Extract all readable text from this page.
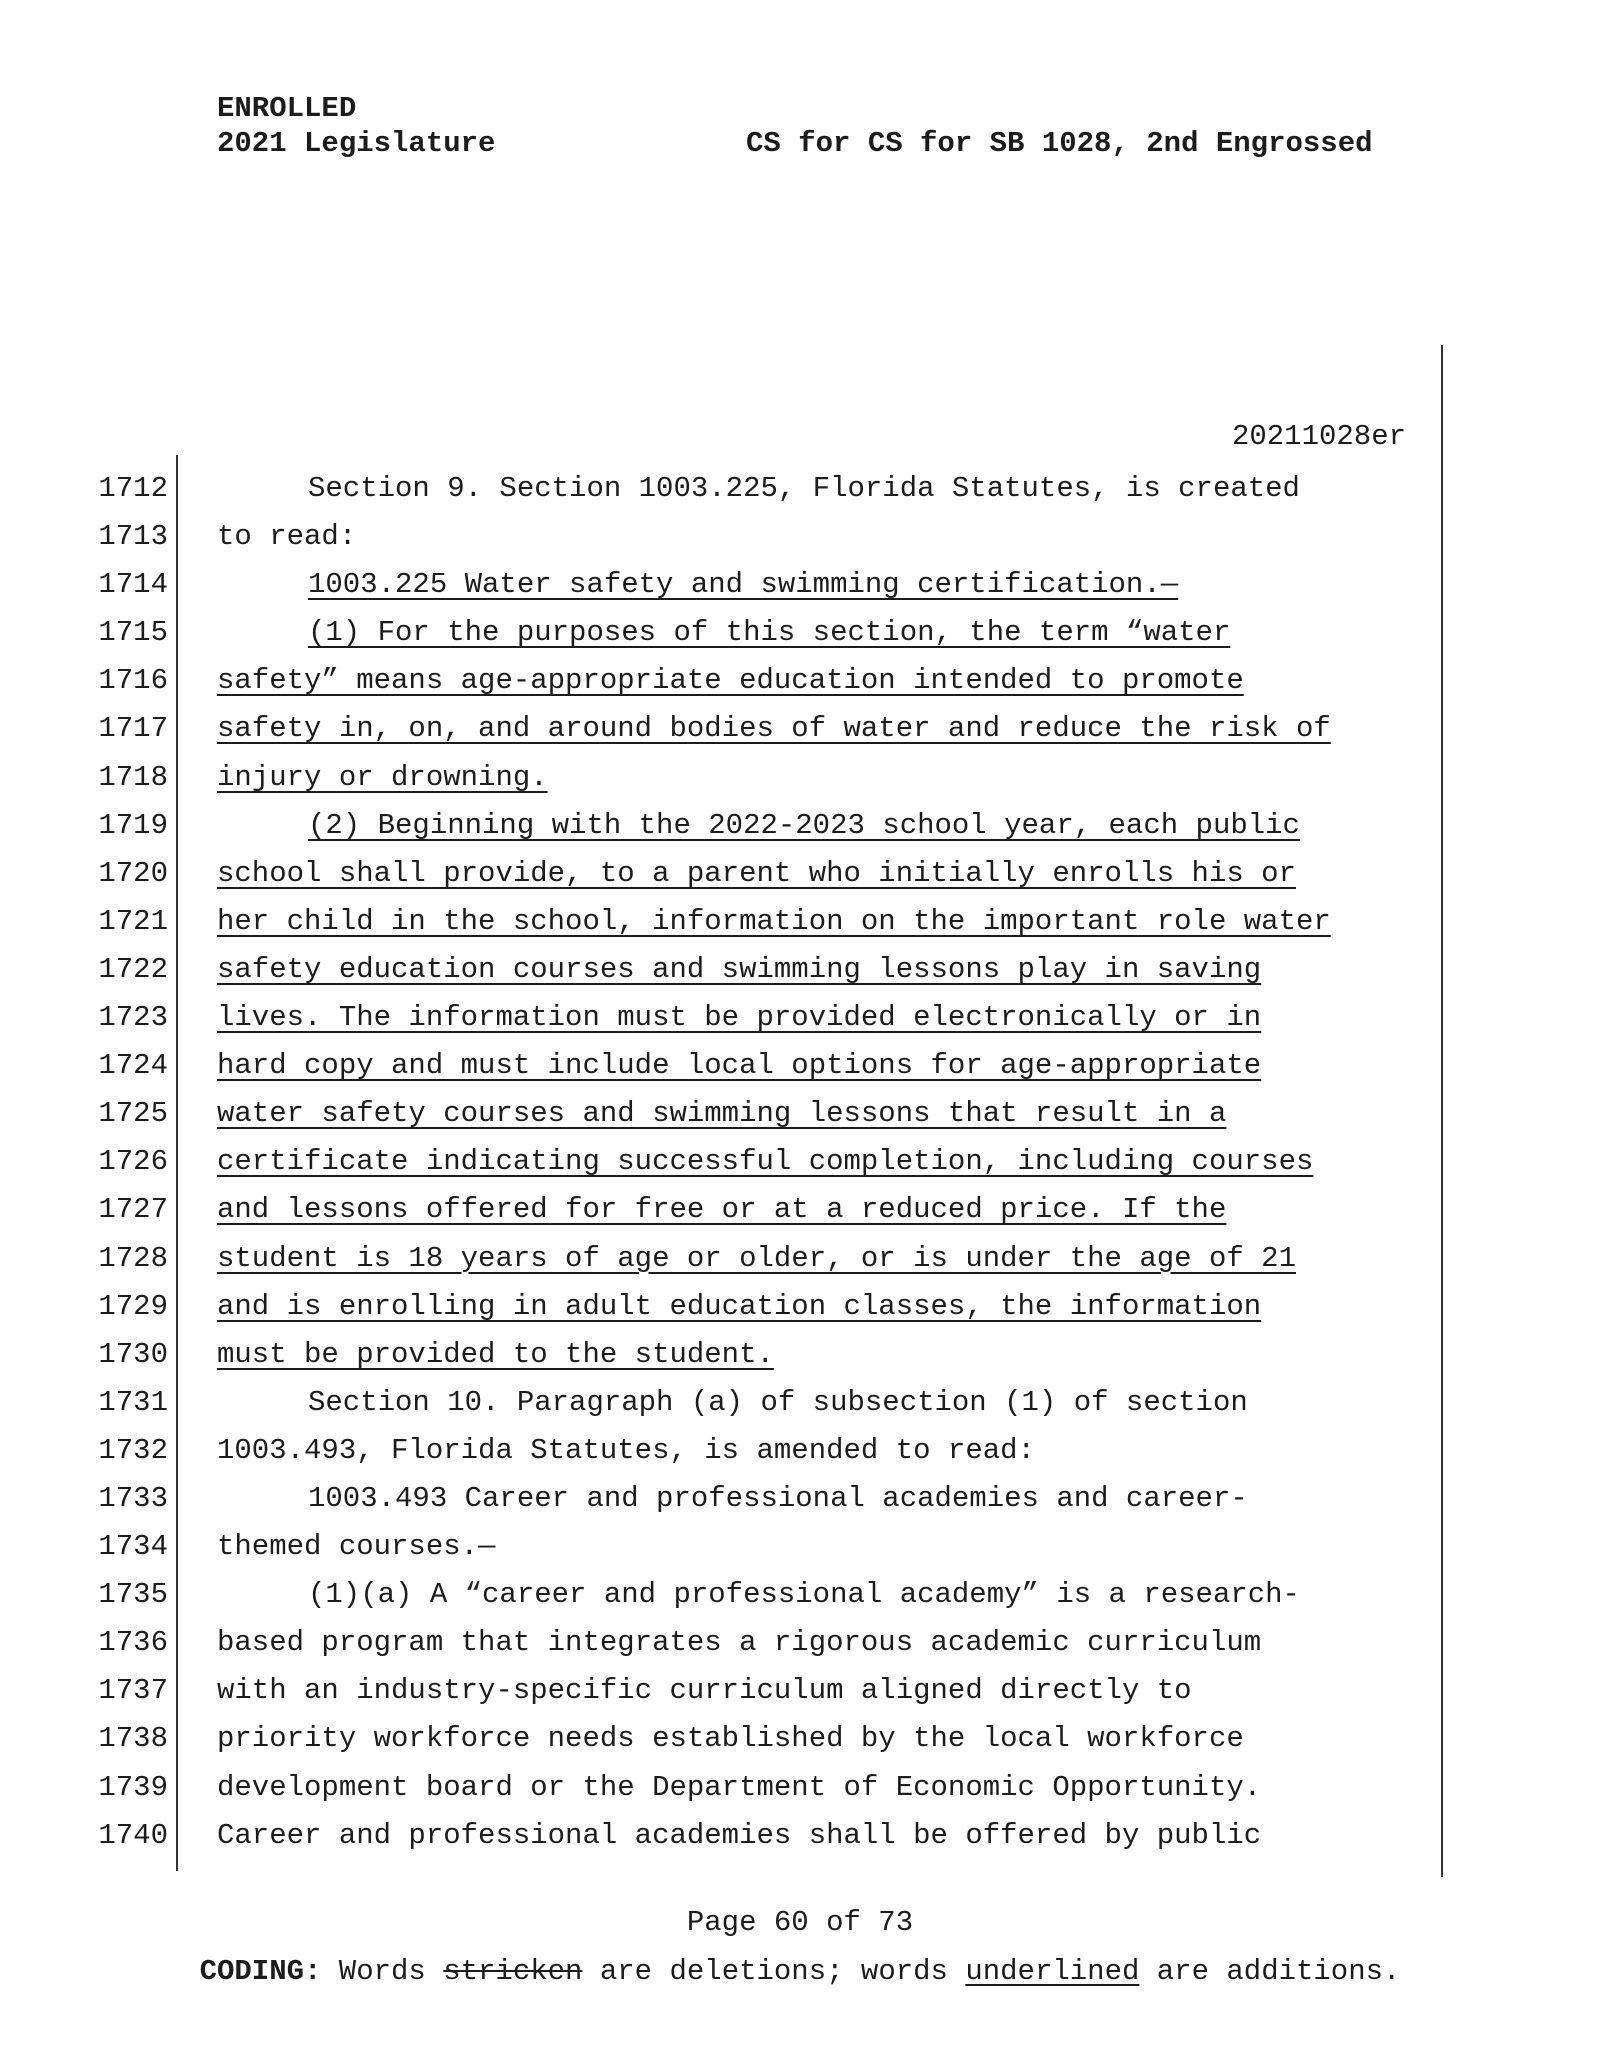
ENROLLED
2021 Legislature	CS for CS for SB 1028, 2nd Engrossed
20211028er
1712	Section 9. Section 1003.225, Florida Statutes, is created
1713 to read:
1714	1003.225 Water safety and swimming certification.—
1715	(1) For the purposes of this section, the term “water
1716 safety” means age-appropriate education intended to promote
1717 safety in, on, and around bodies of water and reduce the risk of
1718 injury or drowning.
1719	(2) Beginning with the 2022-2023 school year, each public
1720 school shall provide, to a parent who initially enrolls his or
1721 her child in the school, information on the important role water
1722 safety education courses and swimming lessons play in saving
1723 lives. The information must be provided electronically or in
1724 hard copy and must include local options for age-appropriate
1725 water safety courses and swimming lessons that result in a
1726 certificate indicating successful completion, including courses
1727 and lessons offered for free or at a reduced price. If the
1728 student is 18 years of age or older, or is under the age of 21
1729 and is enrolling in adult education classes, the information
1730 must be provided to the student.
1731	Section 10. Paragraph (a) of subsection (1) of section
1732 1003.493, Florida Statutes, is amended to read:
1733	1003.493 Career and professional academies and career-
1734 themed courses.—
1735	(1)(a) A “career and professional academy” is a research-
1736 based program that integrates a rigorous academic curriculum
1737 with an industry-specific curriculum aligned directly to
1738 priority workforce needs established by the local workforce
1739 development board or the Department of Economic Opportunity.
1740 Career and professional academies shall be offered by public
Page 60 of 73
CODING: Words stricken are deletions; words underlined are additions.
